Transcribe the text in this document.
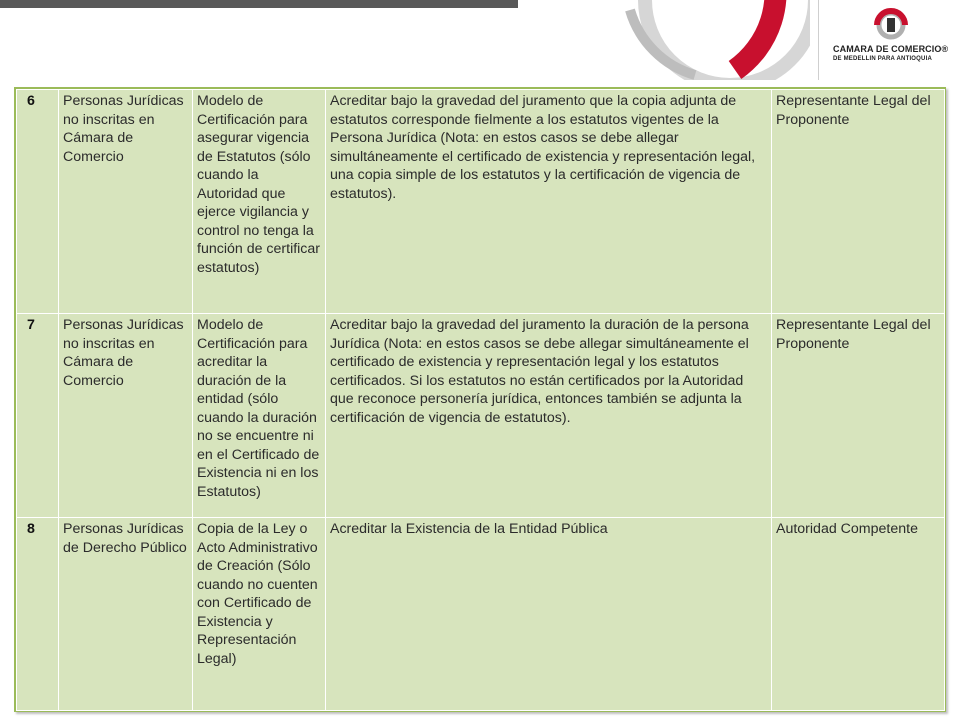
CAMARA DE COMERCIO®
DE MEDELLIN PARA ANTIOQUIA
6	Personas Jurídicas no inscritas en Cámara de Comercio	Modelo de Certificación para asegurar vigencia de Estatutos (sólo cuando la Autoridad que ejerce vigilancia y control no tenga la función de certificar estatutos)	Acreditar bajo la gravedad del juramento que la copia adjunta de estatutos corresponde fielmente a los estatutos vigentes de la Persona Jurídica (Nota: en estos casos se debe allegar simultáneamente el certificado de existencia y representación legal, una copia simple de los estatutos y la certificación de vigencia de estatutos).	Representante Legal del Proponente
7	Personas Jurídicas no inscritas en Cámara de Comercio	Modelo de Certificación para acreditar la duración de la entidad (sólo cuando la duración no se encuentre ni en el Certificado de Existencia ni en los Estatutos)	Acreditar bajo la gravedad del juramento la duración de la persona Jurídica (Nota: en estos casos se debe allegar simultáneamente el certificado de existencia y representación legal y los estatutos certificados. Si los estatutos no están certificados por la Autoridad que reconoce personería jurídica, entonces también se adjunta la certificación de vigencia de estatutos).	Representante Legal del Proponente
8	Personas Jurídicas de Derecho Público	Copia de la Ley o Acto Administrativo de Creación (Sólo cuando no cuenten con Certificado de Existencia y Representación Legal)	Acreditar la Existencia de la Entidad Pública	Autoridad Competente
